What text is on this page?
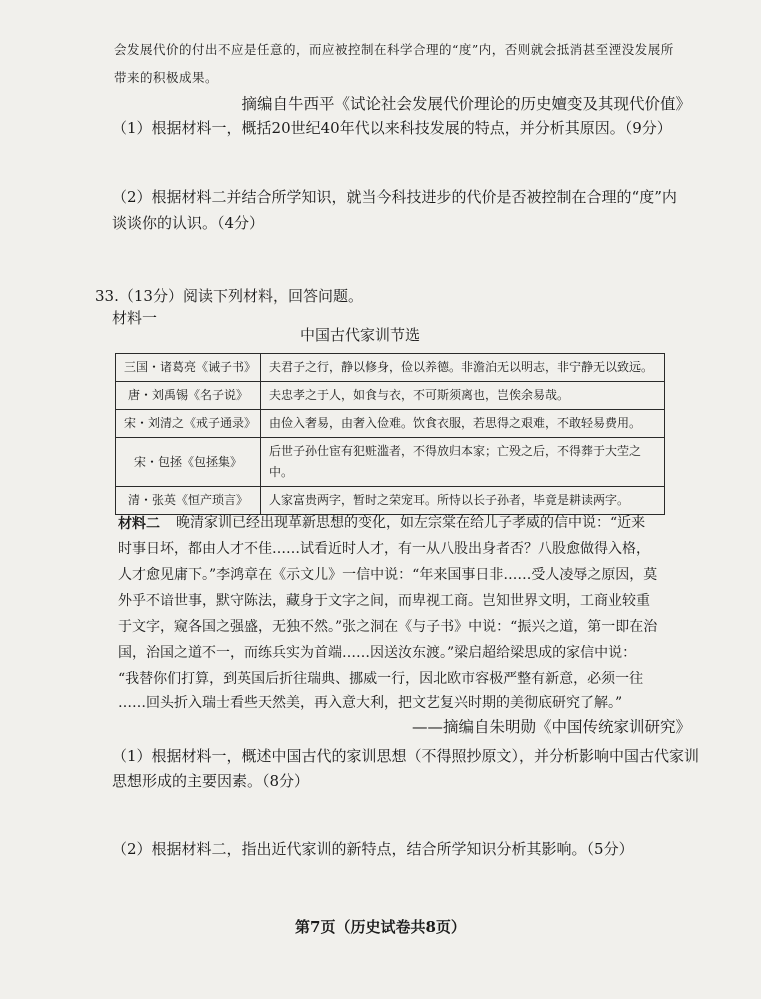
会发展代价的付出不应是任意的，而应被控制在科学合理的“度”内，否则就会抵消甚至湮没发展所
带来的积极成果。
摘编自牛西平《试论社会发展代价理论的历史嬗变及其现代价值》
（1）根据材料一，概括20世纪40年代以来科技发展的特点，并分析其原因。（9分）
（2）根据材料二并结合所学知识，就当今科技进步的代价是否被控制在合理的“度”内
谈谈你的认识。（4分）
33.（13分）阅读下列材料，回答问题。
材料一
中国古代家训节选
三国・诸葛亮《诫子书》	夫君子之行，静以修身，俭以养德。非澹泊无以明志，非宁静无以致远。
唐・刘禹锡《名子说》	夫忠孝之于人，如食与衣，不可斯须离也，岂俟余易哉。
宋・刘清之《戒子通录》	由俭入奢易，由奢入俭难。饮食衣服，若思得之艰难，不敢轻易费用。
宋・包拯《包拯集》	后世子孙仕宦有犯赃滥者，不得放归本家；亡殁之后，不得葬于大茔之中。
清・张英《恒产琐言》	人家富贵两字，暂时之荣宠耳。所恃以长子孙者，毕竟是耕读两字。
材料二 晚清家训已经出现革新思想的变化，如左宗棠在给儿子孝威的信中说：“近来
时事日坏，都由人才不佳……试看近时人才，有一从八股出身者否？八股愈做得入格，
人才愈见庸下。”李鸿章在《示文儿》一信中说：“年来国事日非……受人凌辱之原因，莫
外乎不谙世事，默守陈法，藏身于文字之间，而卑视工商。岂知世界文明，工商业较重
于文字，窥各国之强盛，无独不然。”张之洞在《与子书》中说：“振兴之道，第一即在治
国，治国之道不一，而练兵实为首端……因送汝东渡。”梁启超给梁思成的家信中说：
“我替你们打算，到英国后折往瑞典、挪威一行，因北欧市容极严整有新意，必须一往
……回头折入瑞士看些天然美，再入意大利，把文艺复兴时期的美彻底研究了解。”
——摘编自朱明勋《中国传统家训研究》
（1）根据材料一，概述中国古代的家训思想（不得照抄原文），并分析影响中国古代家训
思想形成的主要因素。（8分）
（2）根据材料二，指出近代家训的新特点，结合所学知识分析其影响。（5分）
第7页（历史试卷共8页）
